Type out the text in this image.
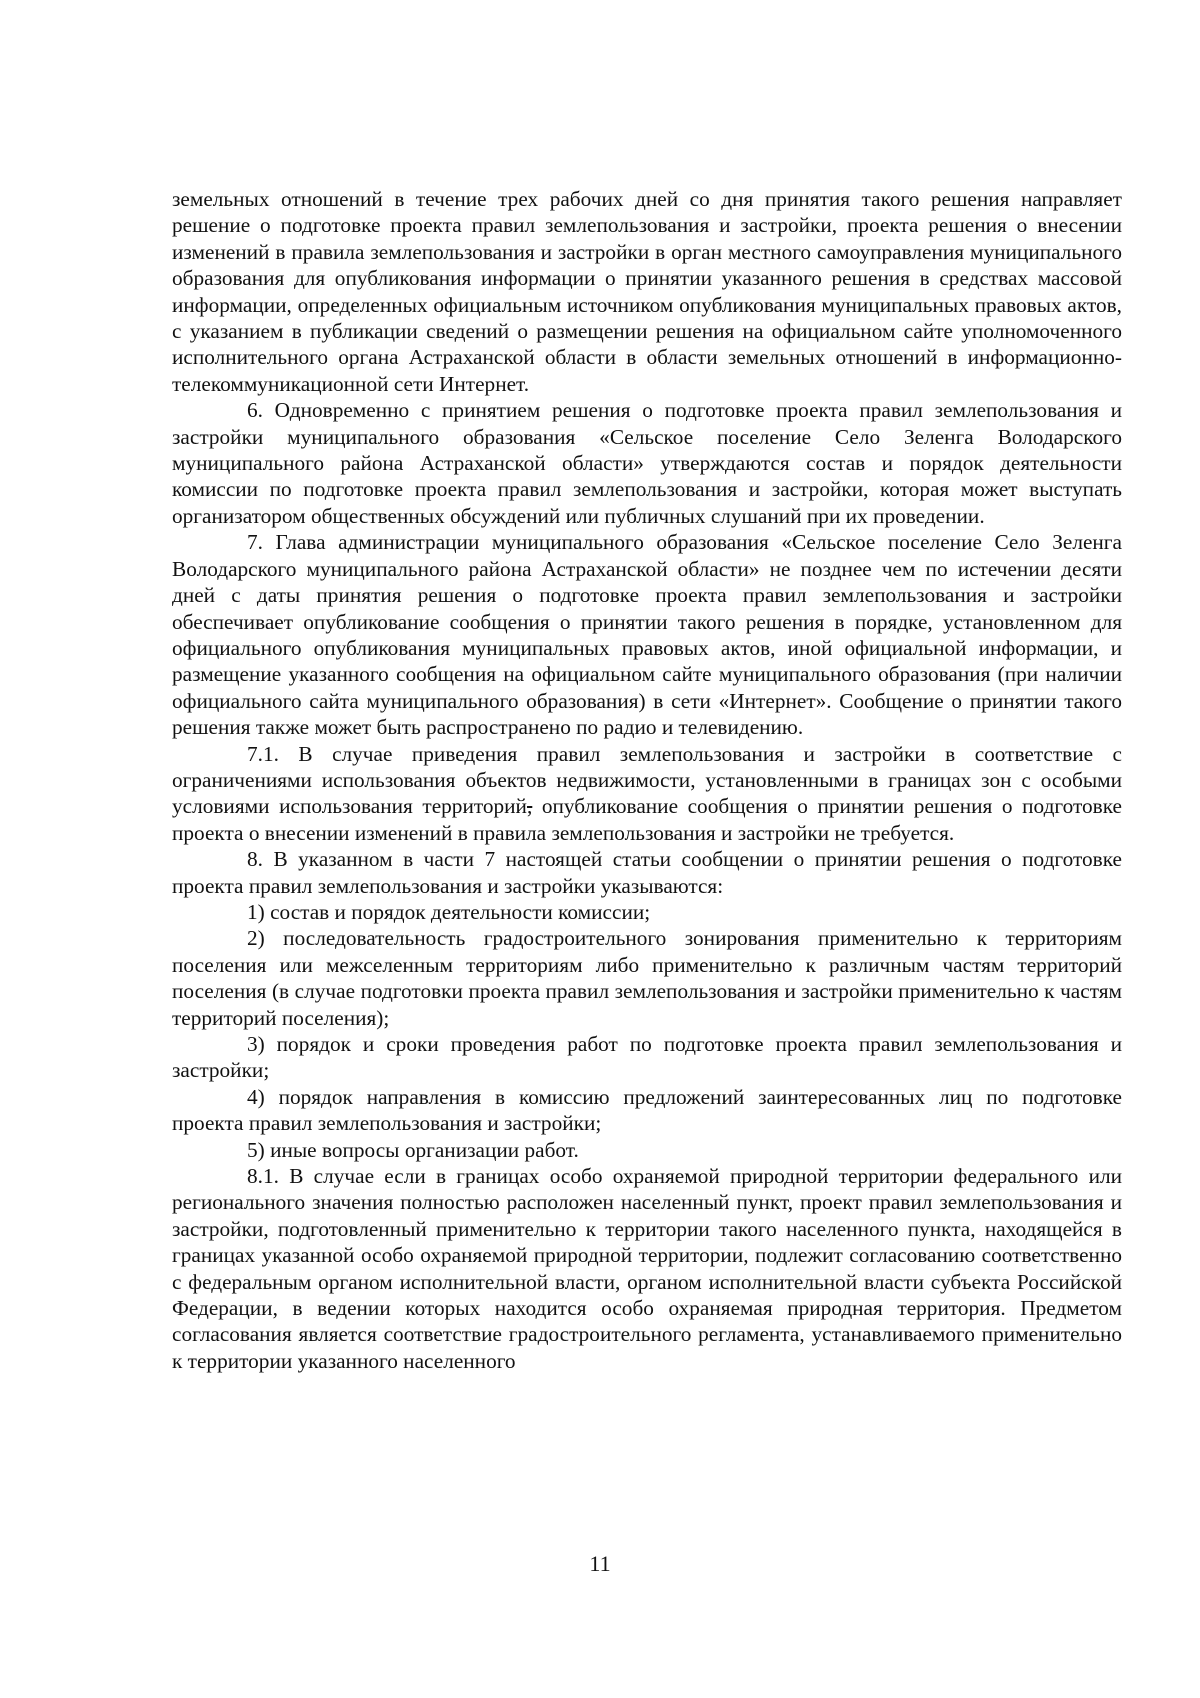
земельных отношений в течение трех рабочих дней со дня принятия такого решения направляет решение о подготовке проекта правил землепользования и застройки, проекта решения о внесении изменений в правила землепользования и застройки в орган местного самоуправления муниципального образования для опубликования информации о принятии указанного решения в средствах массовой информации, определенных официальным источником опубликования муниципальных правовых актов, с указанием в публикации сведений о размещении решения на официальном сайте уполномоченного исполнительного органа Астраханской области в области земельных отношений в информационно-телекоммуникационной сети Интернет.

6. Одновременно с принятием решения о подготовке проекта правил землепользования и застройки муниципального образования «Сельское поселение Село Зеленга Володарского муниципального района Астраханской области» утверждаются состав и порядок деятельности комиссии по подготовке проекта правил землепользования и застройки, которая может выступать организатором общественных обсуждений или публичных слушаний при их проведении.

7. Глава администрации муниципального образования «Сельское поселение Село Зеленга Володарского муниципального района Астраханской области» не позднее чем по истечении десяти дней с даты принятия решения о подготовке проекта правил землепользования и застройки обеспечивает опубликование сообщения о принятии такого решения в порядке, установленном для официального опубликования муниципальных правовых актов, иной официальной информации, и размещение указанного сообщения на официальном сайте муниципального образования (при наличии официального сайта муниципального образования) в сети «Интернет». Сообщение о принятии такого решения также может быть распространено по радио и телевидению.

7.1. В случае приведения правил землепользования и застройки в соответствие с ограничениями использования объектов недвижимости, установленными в границах зон с особыми условиями использования территорий, опубликование сообщения о принятии решения о подготовке проекта о внесении изменений в правила землепользования и застройки не требуется.

8. В указанном в части 7 настоящей статьи сообщении о принятии решения о подготовке проекта правил землепользования и застройки указываются:

1) состав и порядок деятельности комиссии;

2) последовательность градостроительного зонирования применительно к территориям поселения или межселенным территориям либо применительно к различным частям территорий поселения (в случае подготовки проекта правил землепользования и застройки применительно к частям территорий поселения);

3) порядок и сроки проведения работ по подготовке проекта правил землепользования и застройки;

4) порядок направления в комиссию предложений заинтересованных лиц по подготовке проекта правил землепользования и застройки;

5) иные вопросы организации работ.

8.1. В случае если в границах особо охраняемой природной территории федерального или регионального значения полностью расположен населенный пункт, проект правил землепользования и застройки, подготовленный применительно к территории такого населенного пункта, находящейся в границах указанной особо охраняемой природной территории, подлежит согласованию соответственно с федеральным органом исполнительной власти, органом исполнительной власти субъекта Российской Федерации, в ведении которых находится особо охраняемая природная территория. Предметом согласования является соответствие градостроительного регламента, устанавливаемого применительно к территории указанного населенного

11
